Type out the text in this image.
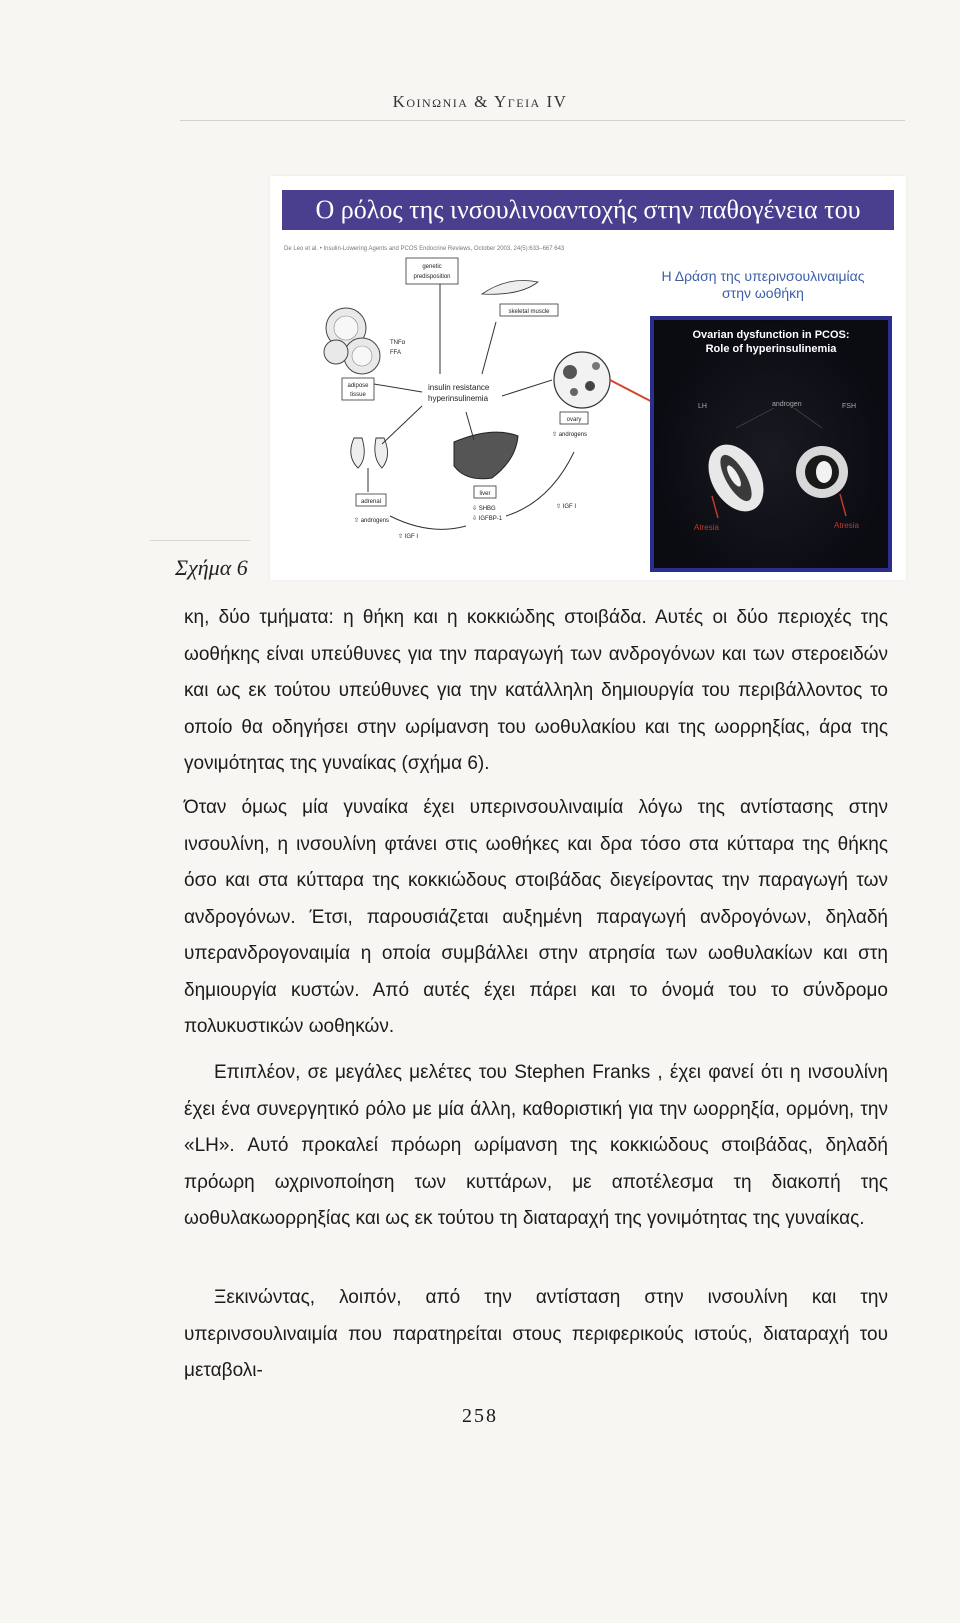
Κοινωνια & Υγεια IV
Ο ρόλος της ινσουλινοαντοχής στην παθογένεια του PCOS
De Leo et al. • Insulin-Lowering Agents and PCOS Endocrine Reviews, October 2003, 24(5):633–667 643
Η Δράση της υπερινσουλιναιμίας
στην ωοθήκη
genetic
predisposition
skeletal muscle
TNFα
FFA
adipose
tissue
insulin resistance
hyperinsulinemia
ovary
⇧ androgens
adrenal
⇧ androgens
liver
⇩ SHBG
⇩ IGFBP-1
⇧ IGF I
⇧ IGF I
Ovarian dysfunction in PCOS:
Role of hyperinsulinemia
androgen
LH	FSH
Atresia	Atresia
Σχήμα 6

κη, δύο τμήματα: η θήκη και η κοκκιώδης στοιβάδα. Αυτές οι δύο περιοχές της ωοθήκης είναι υπεύθυνες για την παραγωγή των ανδρογόνων και των στεροειδών και ως εκ τούτου υπεύθυνες για την κατάλληλη δημιουργία του περιβάλλοντος το οποίο θα οδηγήσει στην ωρίμανση του ωοθυλακίου και της ωορρηξίας, άρα της γονιμότητας της γυναίκας (σχήμα 6).

Όταν όμως μία γυναίκα έχει υπερινσουλιναιμία λόγω της αντίστασης στην ινσουλίνη, η ινσουλίνη φτάνει στις ωοθήκες και δρα τόσο στα κύτταρα της θήκης όσο και στα κύτταρα της κοκκιώδους στοιβάδας διεγείροντας την παραγωγή των ανδρογόνων. Έτσι, παρουσιάζεται αυξημένη παραγωγή ανδρογόνων, δηλαδή υπερανδρογοναιμία η οποία συμβάλλει στην ατρησία των ωοθυλακίων και στη δημιουργία κυστών. Από αυτές έχει πάρει και το όνομά του το σύνδρομο πολυκυστικών ωοθηκών.

Επιπλέον, σε μεγάλες μελέτες του Stephen Franks , έχει φανεί ότι η ινσουλίνη έχει ένα συνεργητικό ρόλο με μία άλλη, καθοριστική για την ωορρηξία, ορμόνη, την «LH». Αυτό προκαλεί πρόωρη ωρίμανση της κοκκιώδους στοιβάδας, δηλαδή πρόωρη ωχρινοποίηση των κυττάρων, με αποτέλεσμα τη διακοπή της ωοθυλακωορρηξίας και ως εκ τούτου τη διαταραχή της γονιμότητας της γυναίκας.

Ξεκινώντας, λοιπόν, από την αντίσταση στην ινσουλίνη και την υπερινσουλιναιμία που παρατηρείται στους περιφερικούς ιστούς, διαταραχή του μεταβολι-

258
